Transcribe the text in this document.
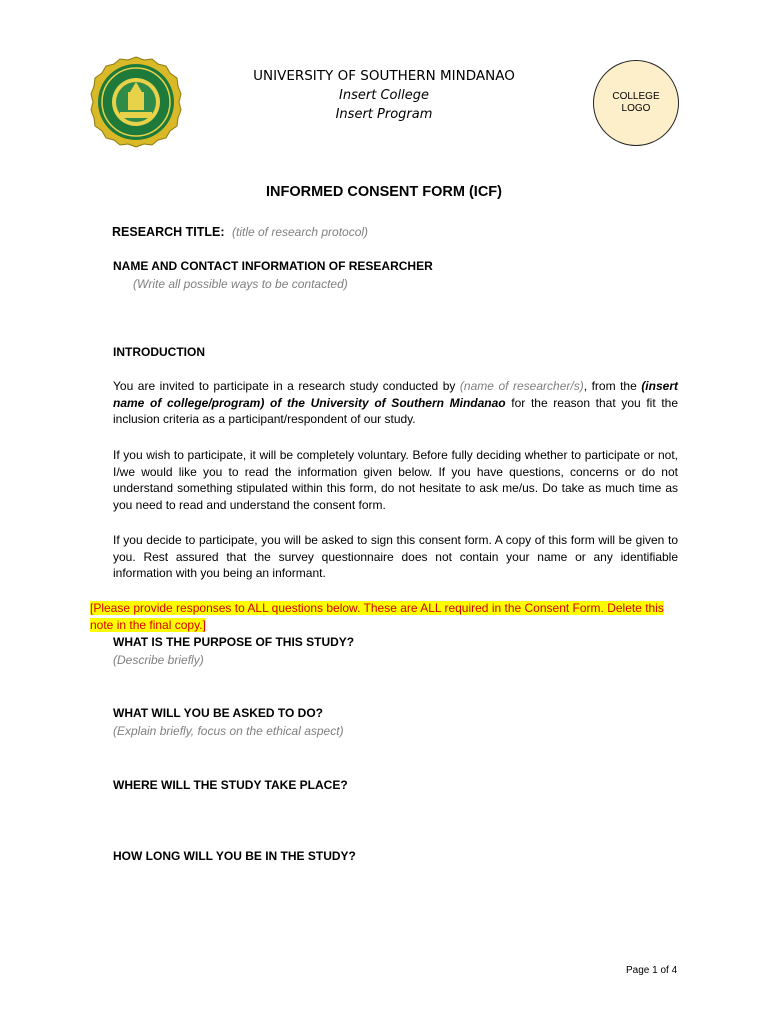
UNIVERSITY OF SOUTHERN MINDANAO
Insert College
Insert Program
COLLEGE
LOGO
INFORMED CONSENT FORM (ICF)
RESEARCH TITLE: (title of research protocol)
NAME AND CONTACT INFORMATION OF RESEARCHER
(Write all possible ways to be contacted)
INTRODUCTION
You are invited to participate in a research study conducted by (name of researcher/s), from the (insert name of college/program) of the University of Southern Mindanao for the reason that you fit the inclusion criteria as a participant/respondent of our study.
If you wish to participate, it will be completely voluntary. Before fully deciding whether to participate or not, I/we would like you to read the information given below. If you have questions, concerns or do not understand something stipulated within this form, do not hesitate to ask me/us. Do take as much time as you need to read and understand the consent form.
If you decide to participate, you will be asked to sign this consent form. A copy of this form will be given to you. Rest assured that the survey questionnaire does not contain your name or any identifiable information with you being an informant.
[Please provide responses to ALL questions below. These are ALL required in the Consent Form. Delete this note in the final copy.]
WHAT IS THE PURPOSE OF THIS STUDY?
(Describe briefly)
WHAT WILL YOU BE ASKED TO DO?
(Explain briefly, focus on the ethical aspect)
WHERE WILL THE STUDY TAKE PLACE?
HOW LONG WILL YOU BE IN THE STUDY?
Page 1 of 4
